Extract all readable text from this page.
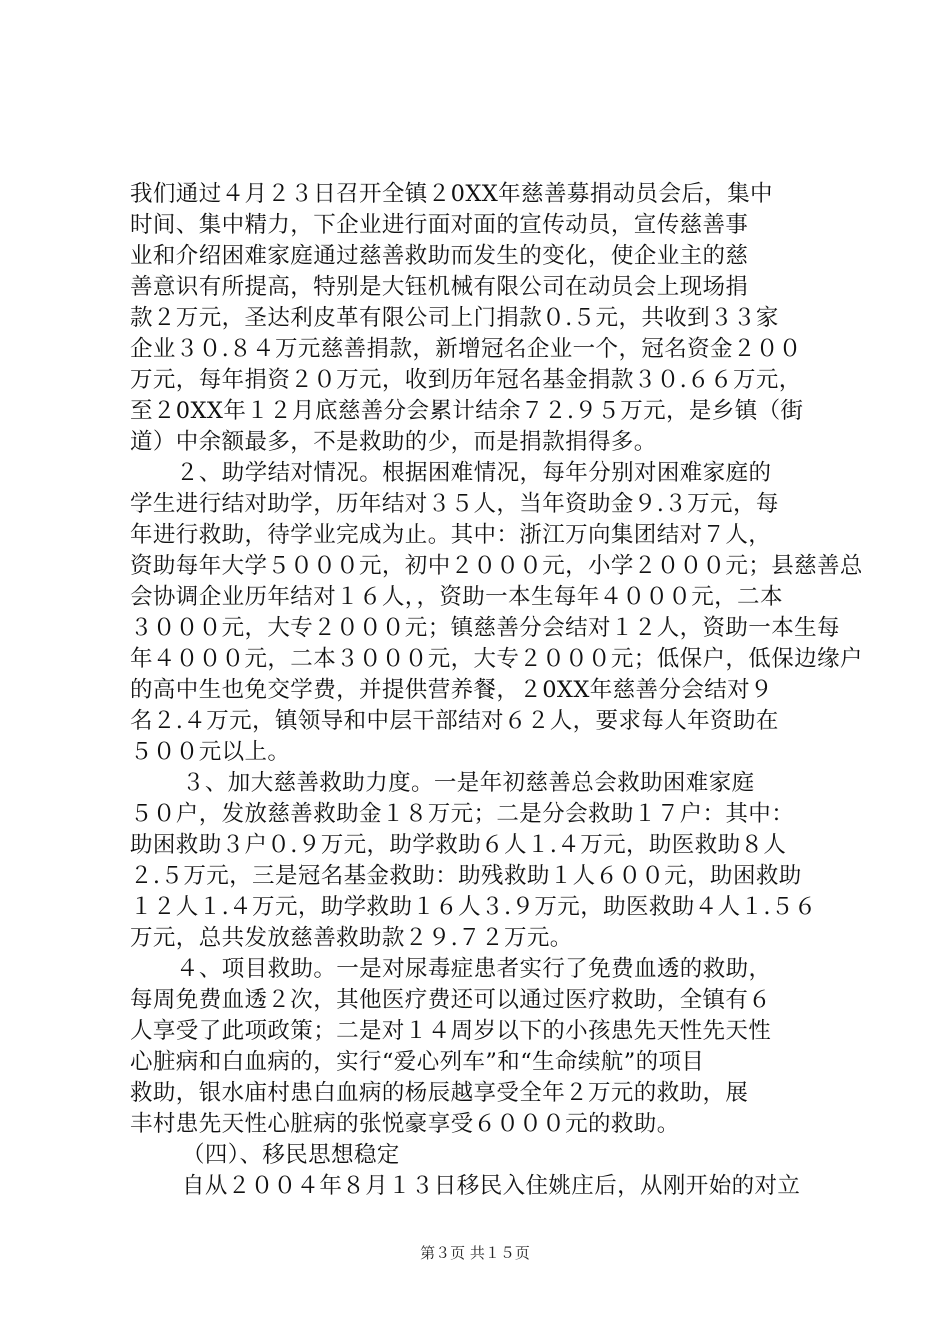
我们通过４月２３日召开全镇２0XX年慈善募捐动员会后，集中
时间、集中精力，下企业进行面对面的宣传动员，宣传慈善事
业和介绍困难家庭通过慈善救助而发生的变化，使企业主的慈
善意识有所提高，特别是大钰机械有限公司在动员会上现场捐
款２万元，圣达利皮革有限公司上门捐款０.５元，共收到３３家
企业３０.８４万元慈善捐款，新增冠名企业一个，冠名资金２００
万元，每年捐资２０万元，收到历年冠名基金捐款３０.６６万元，
至２0XX年１２月底慈善分会累计结余７２.９５万元，是乡镇（街
道）中余额最多，不是救助的少，而是捐款捐得多。
２、助学结对情况。根据困难情况，每年分别对困难家庭的
学生进行结对助学，历年结对３５人，当年资助金９.３万元，每
年进行救助，待学业完成为止。其中：浙江万向集团结对７人，
资助每年大学５０００元，初中２０００元，小学２０００元；县慈善总
会协调企业历年结对１６人，，资助一本生每年４０００元，二本
３０００元，大专２０００元；镇慈善分会结对１２人，资助一本生每
年４０００元，二本３０００元，大专２０００元；低保户，低保边缘户
的高中生也免交学费，并提供营养餐，２0XX年慈善分会结对９
名２.４万元，镇领导和中层干部结对６２人，要求每人年资助在
５００元以上。
３、加大慈善救助力度。一是年初慈善总会救助困难家庭
５０户，发放慈善救助金１８万元；二是分会救助１７户：其中：
助困救助３户０.９万元，助学救助６人１.４万元，助医救助８人
２.５万元，三是冠名基金救助：助残救助１人６００元，助困救助
１２人１.４万元，助学救助１６人３.９万元，助医救助４人１.５６
万元，总共发放慈善救助款２９.７２万元。
４、项目救助。一是对尿毒症患者实行了免费血透的救助，
每周免费血透２次，其他医疗费还可以通过医疗救助，全镇有６
人享受了此项政策；二是对１４周岁以下的小孩患先天性先天性
心脏病和白血病的，实行“爱心列车”和“生命续航”的项目
救助，银水庙村患白血病的杨辰越享受全年２万元的救助，展
丰村患先天性心脏病的张悦豪享受６０００元的救助。
（四）、移民思想稳定
自从２００４年８月１３日移民入住姚庄后，从刚开始的对立
第３页 共１５页
